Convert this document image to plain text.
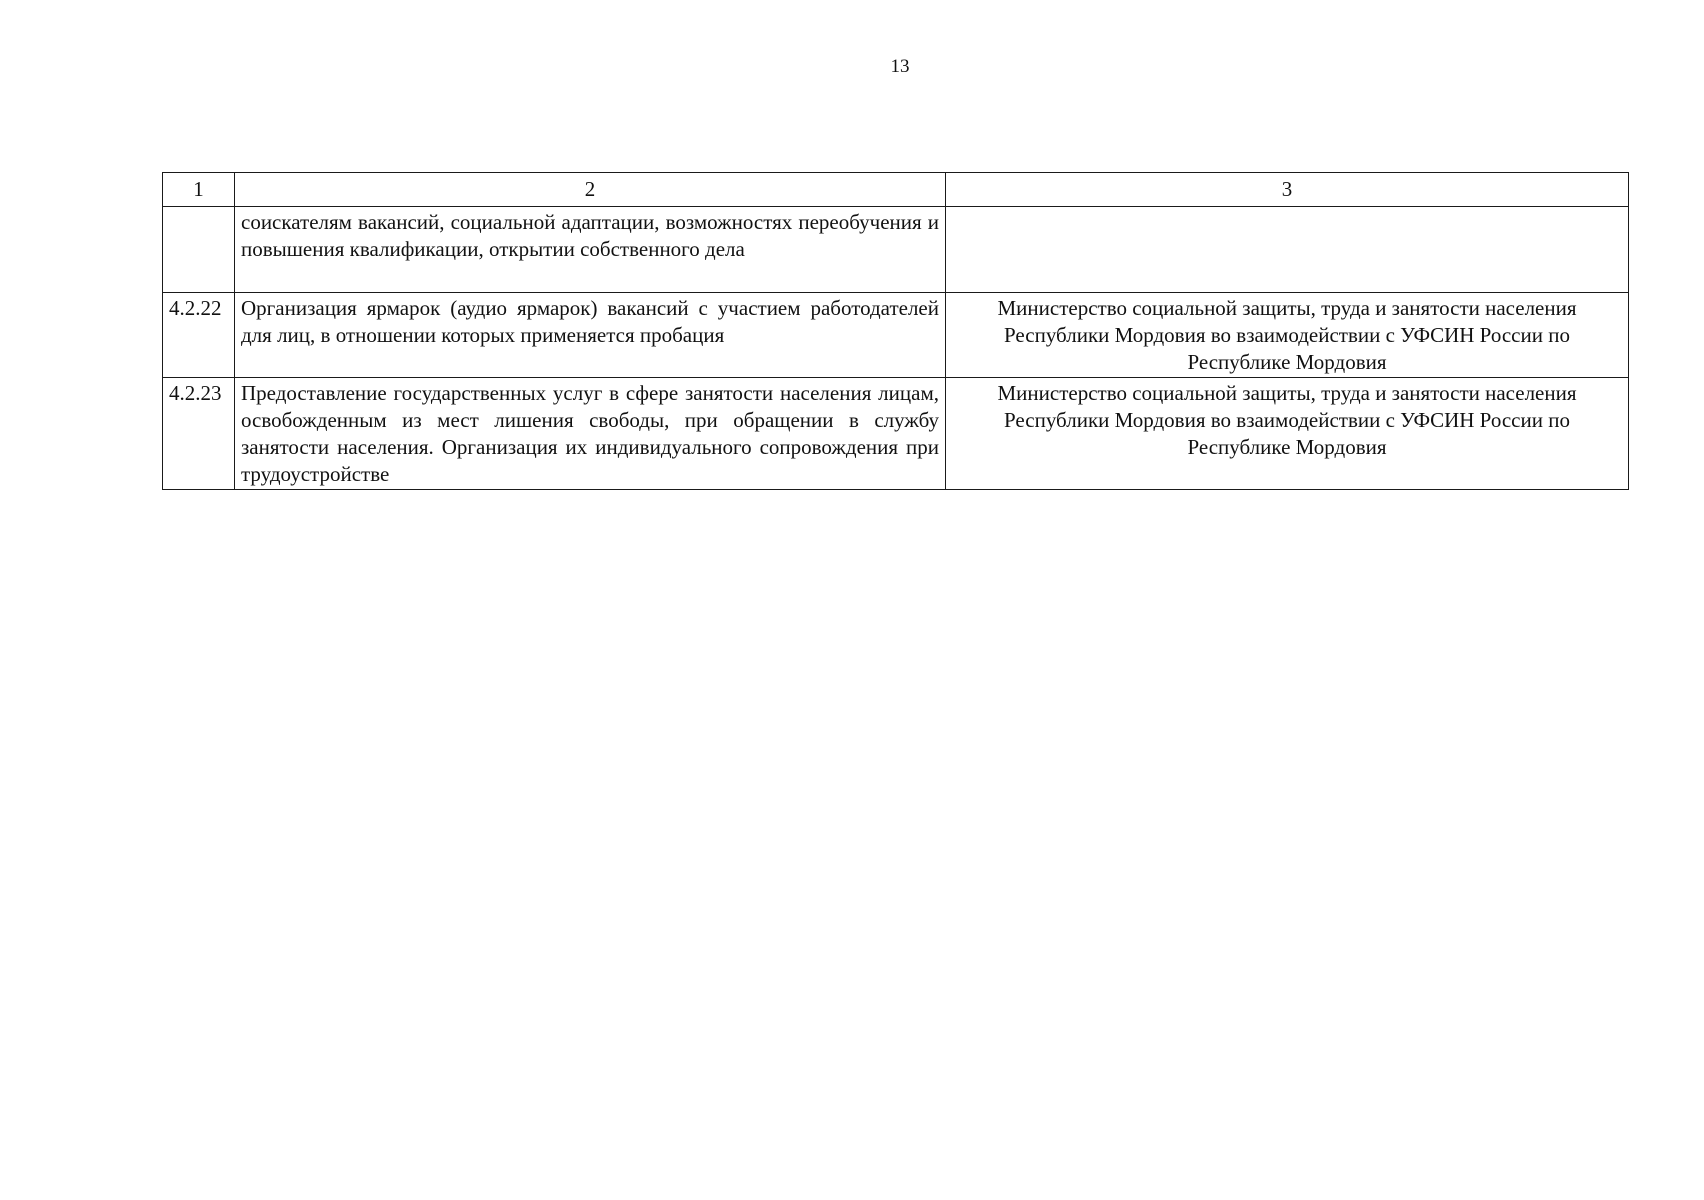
13
1	2	3
	соискателям вакансий, социальной адаптации, возможностях переобучения и повышения квалификации, открытии собственного дела	
4.2.22	Организация ярмарок (аудио ярмарок) вакансий с участием работодателей для лиц, в отношении которых применяется пробация	Министерство социальной защиты, труда и занятости населения Республики Мордовия во взаимодействии с УФСИН России по Республике Мордовия
4.2.23	Предоставление государственных услуг в сфере занятости населения лицам, освобожденным из мест лишения свободы, при обращении в службу занятости населения. Организация их индивидуального сопровождения при трудоустройстве	Министерство социальной защиты, труда и занятости населения Республики Мордовия во взаимодействии с УФСИН России по Республике Мордовия
